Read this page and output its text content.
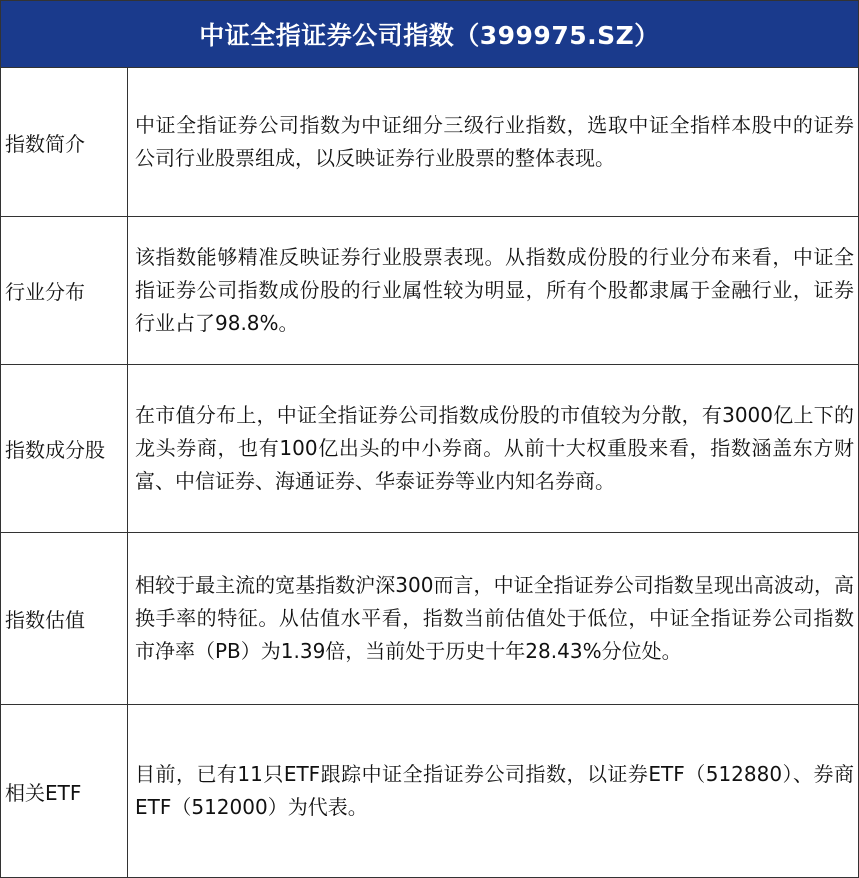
中证全指证券公司指数（399975.SZ）
指数简介

中证全指证券公司指数为中证细分三级行业指数，选取中证全指样本股中的证券公司行业股票组成，以反映证券行业股票的整体表现。

行业分布

该指数能够精准反映证券行业股票表现。从指数成份股的行业分布来看，中证全指证券公司指数成份股的行业属性较为明显，所有个股都隶属于金融行业，证券行业占了98.8%。

指数成分股

在市值分布上，中证全指证券公司指数成份股的市值较为分散，有3000亿上下的龙头券商，也有100亿出头的中小券商。从前十大权重股来看，指数涵盖东方财富、中信证券、海通证券、华泰证券等业内知名券商。

指数估值

相较于最主流的宽基指数沪深300而言，中证全指证券公司指数呈现出高波动，高换手率的特征。从估值水平看，指数当前估值处于低位，中证全指证券公司指数市净率（PB）为1.39倍，当前处于历史十年28.43%分位处。

相关ETF

目前，已有11只ETF跟踪中证全指证券公司指数，以证券ETF（512880）、券商ETF（512000）为代表。
